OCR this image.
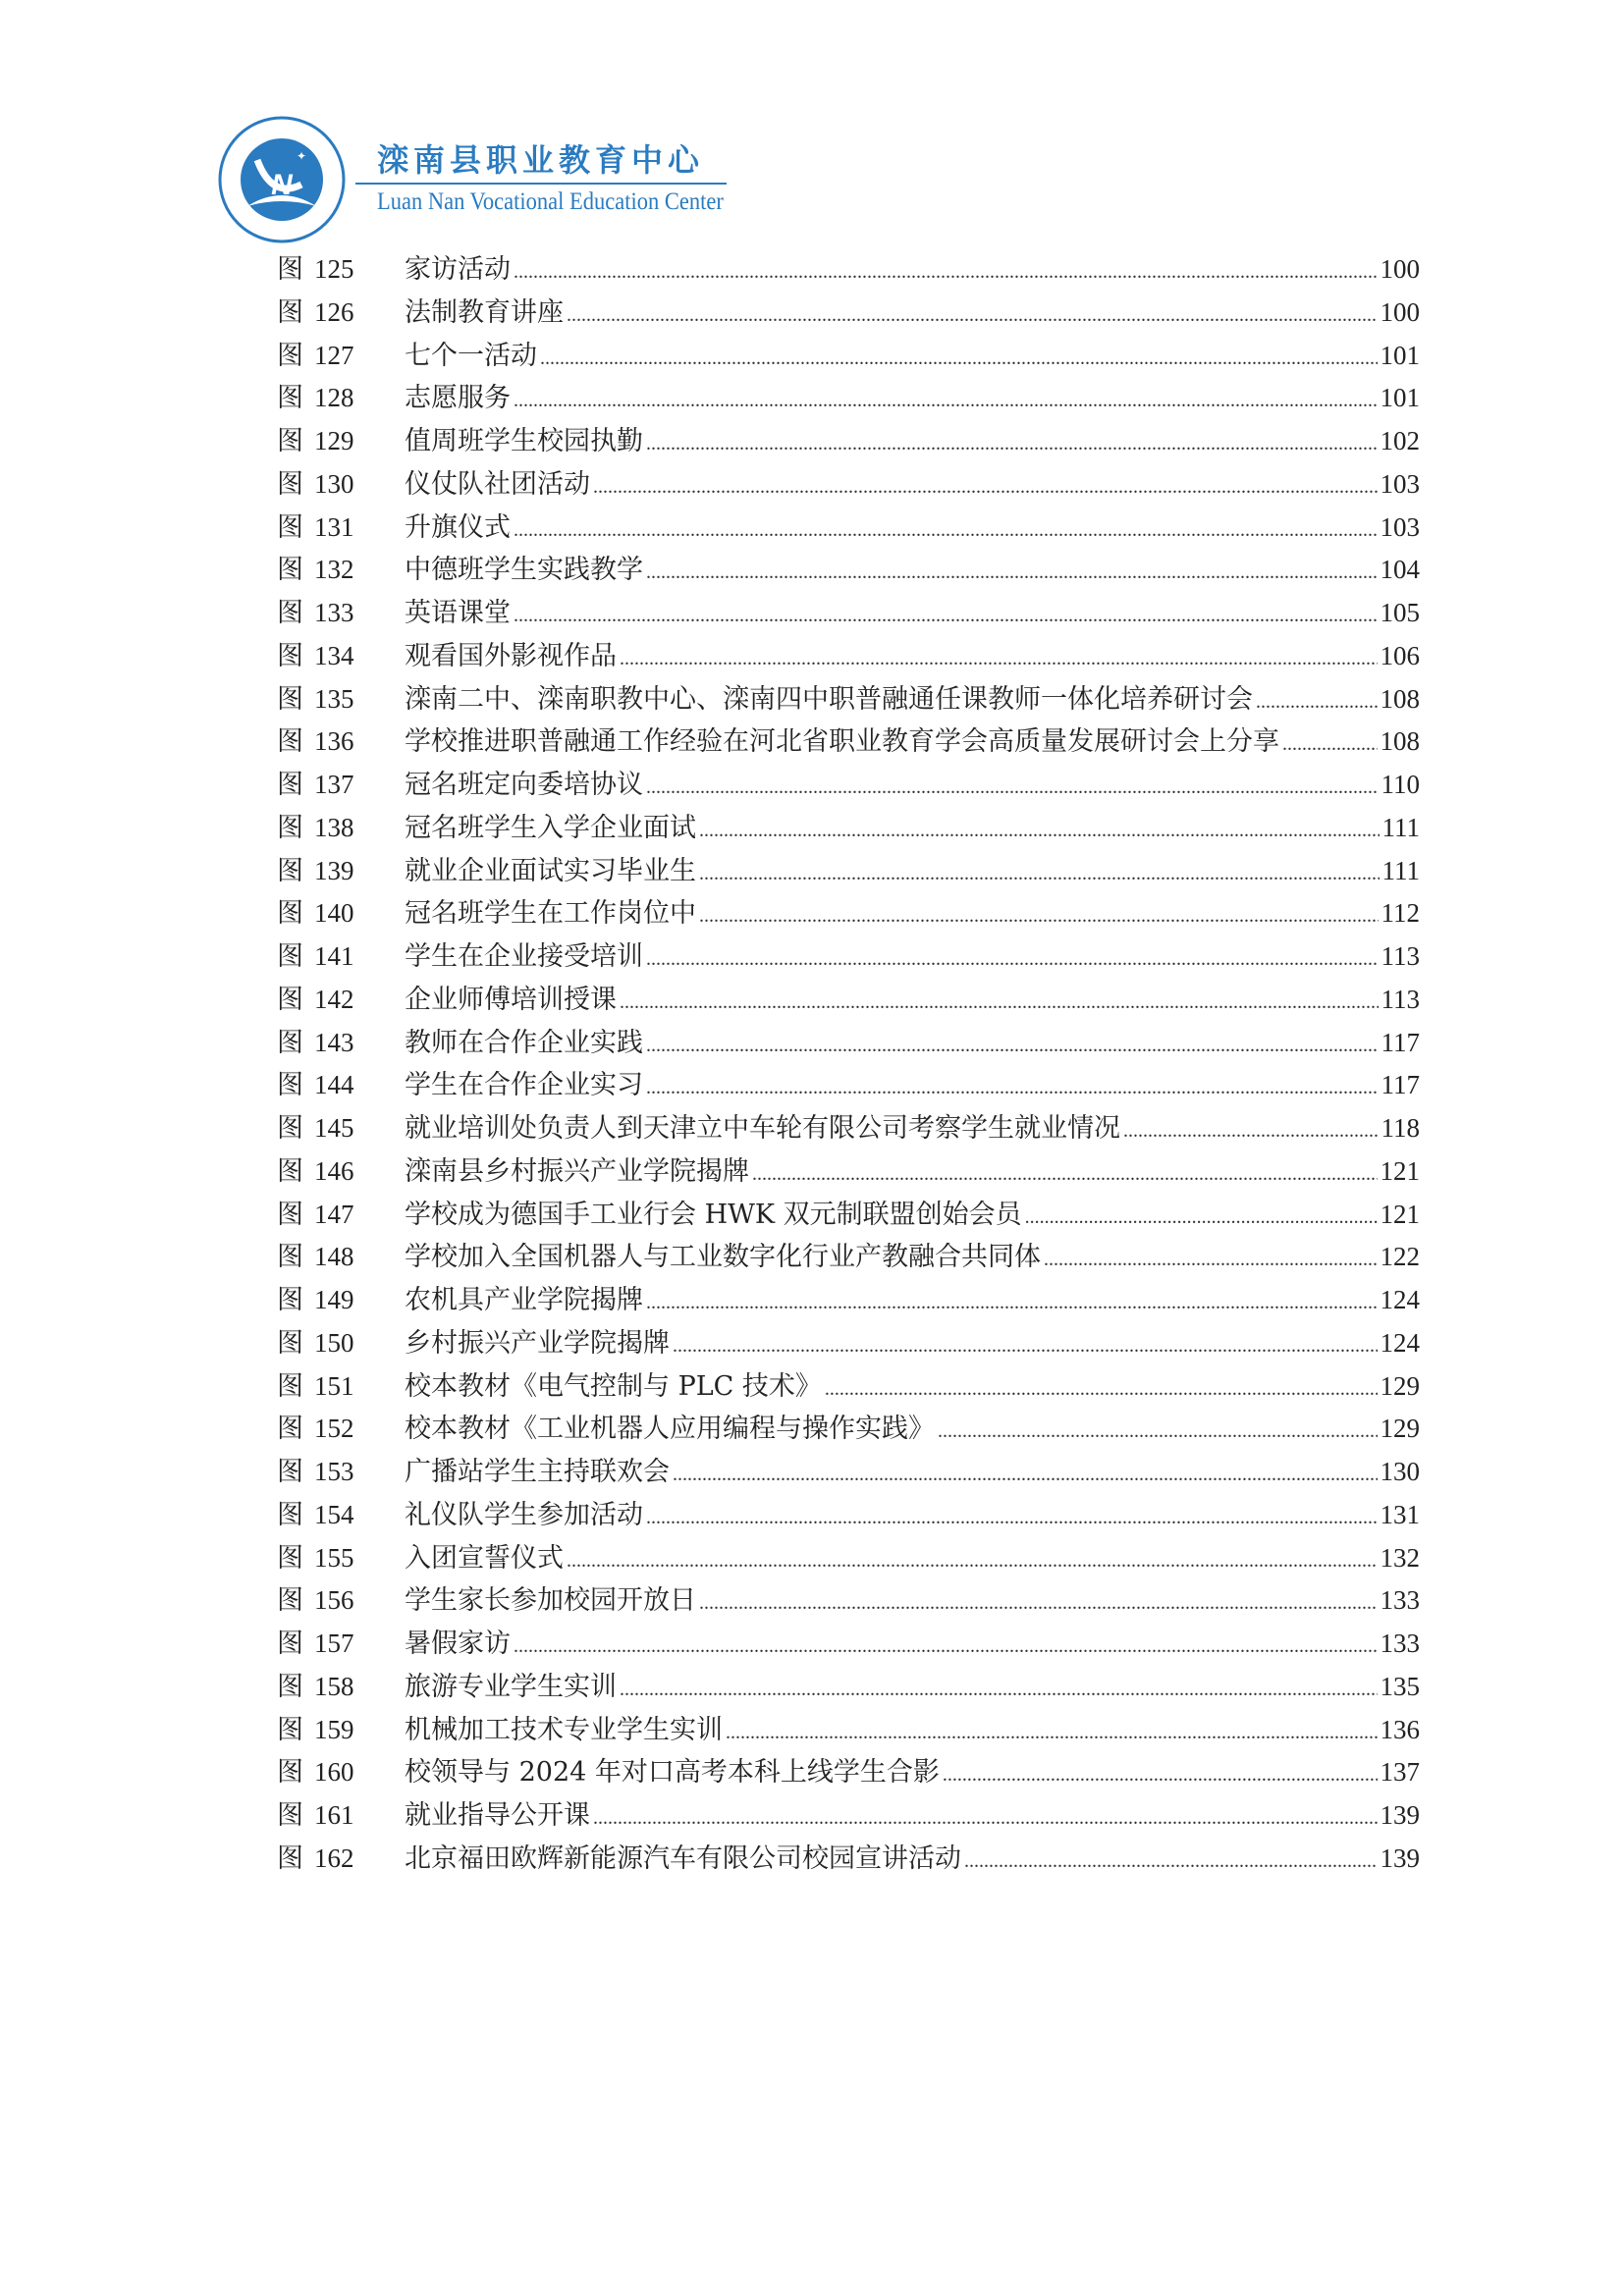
N
✦ 滦南县职业教育中心
Luan Nan Vocational Education Center
图 125	家访活动 .....	100
图 126	法制教育讲座 .....	100
图 127	七个一活动 .....	101
图 128	志愿服务 .....	101
图 129	值周班学生校园执勤 .....	102
图 130	仪仗队社团活动 .....	103
图 131	升旗仪式 .....	103
图 132	中德班学生实践教学 .....	104
图 133	英语课堂 .....	105
图 134	观看国外影视作品 .....	106
图 135	滦南二中、滦南职教中心、滦南四中职普融通任课教师一体化培养研讨会 .....	108
图 136	学校推进职普融通工作经验在河北省职业教育学会高质量发展研讨会上分享 .....	108
图 137	冠名班定向委培协议 .....	110
图 138	冠名班学生入学企业面试 .....	111
图 139	就业企业面试实习毕业生 .....	111
图 140	冠名班学生在工作岗位中 .....	112
图 141	学生在企业接受培训 .....	113
图 142	企业师傅培训授课 .....	113
图 143	教师在合作企业实践 .....	117
图 144	学生在合作企业实习 .....	117
图 145	就业培训处负责人到天津立中车轮有限公司考察学生就业情况 .....	118
图 146	滦南县乡村振兴产业学院揭牌 .....	121
图 147	学校成为德国手工业行会 HWK 双元制联盟创始会员 .....	121
图 148	学校加入全国机器人与工业数字化行业产教融合共同体 .....	122
图 149	农机具产业学院揭牌 .....	124
图 150	乡村振兴产业学院揭牌 .....	124
图 151	校本教材《电气控制与 PLC 技术》 .....	129
图 152	校本教材《工业机器人应用编程与操作实践》 .....	129
图 153	广播站学生主持联欢会 .....	130
图 154	礼仪队学生参加活动 .....	131
图 155	入团宣誓仪式 .....	132
图 156	学生家长参加校园开放日 .....	133
图 157	暑假家访 .....	133
图 158	旅游专业学生实训 .....	135
图 159	机械加工技术专业学生实训 .....	136
图 160	校领导与 2024 年对口高考本科上线学生合影 .....	137
图 161	就业指导公开课 .....	139
图 162	北京福田欧辉新能源汽车有限公司校园宣讲活动 .....	139
